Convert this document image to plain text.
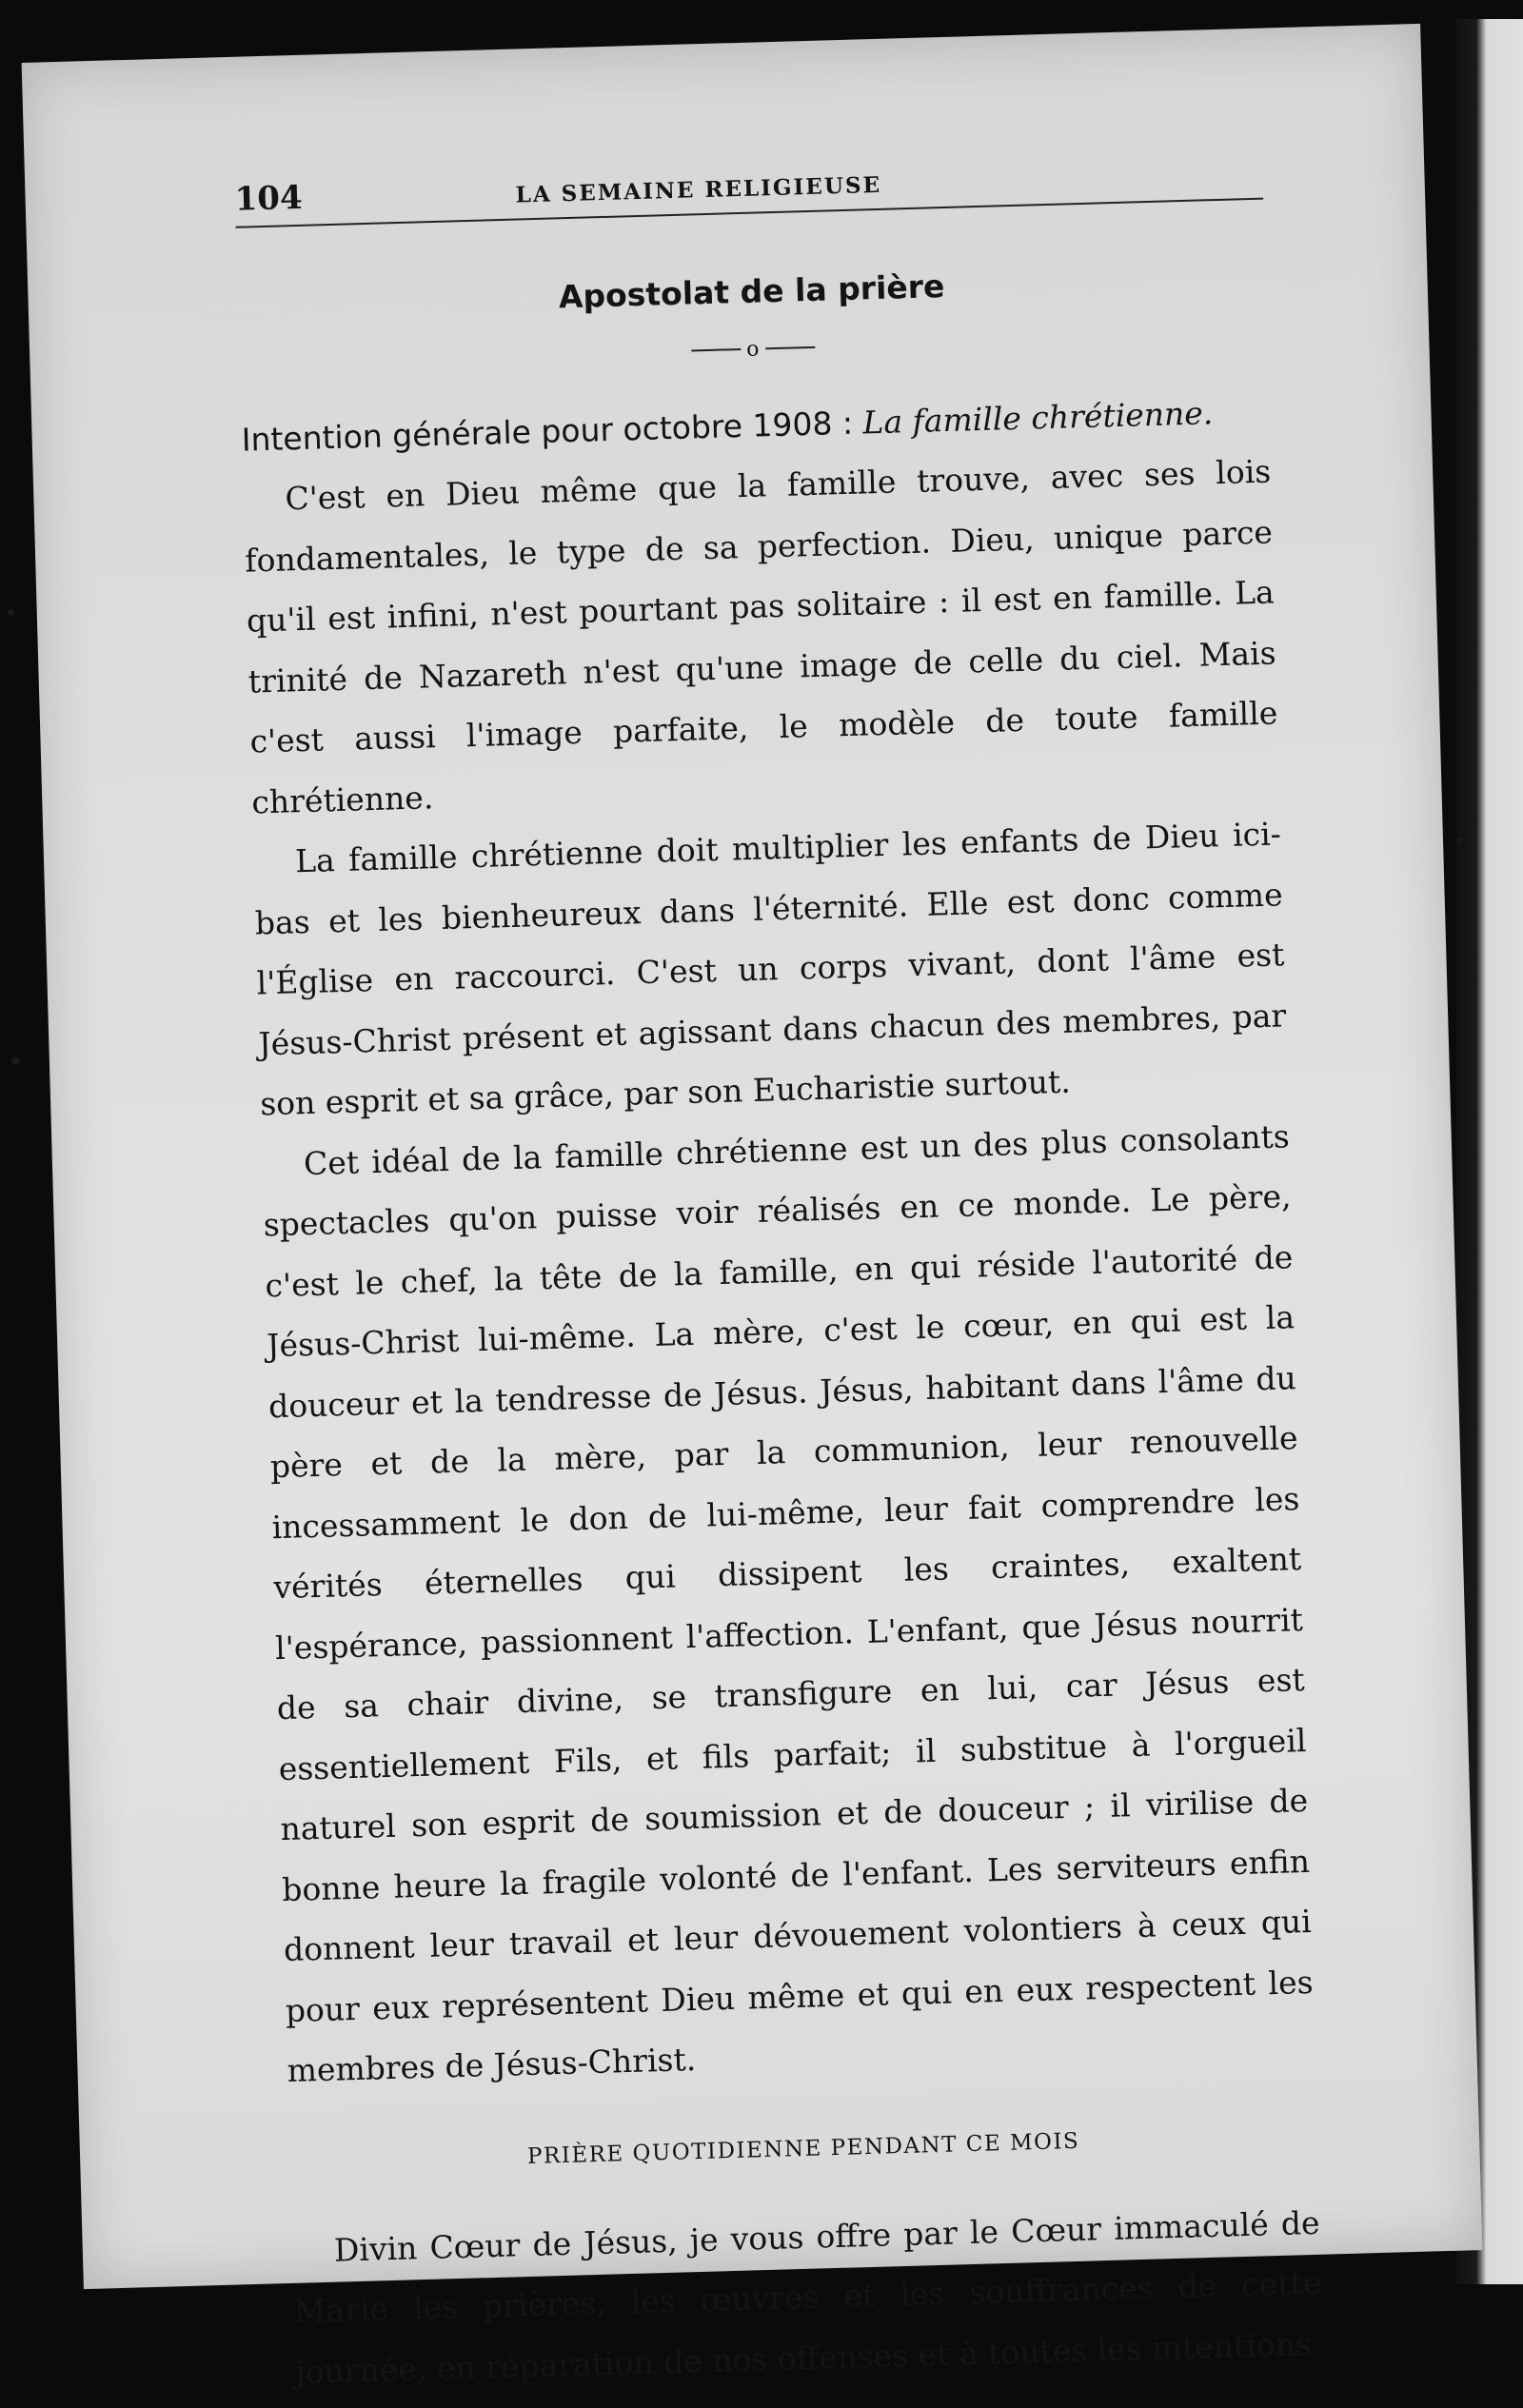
104	LA SEMAINE RELIGIEUSE
Apostolat de la prière
o

Intention générale pour octobre 1908 : La famille chrétienne.

C'est en Dieu même que la famille trouve, avec ses lois fondamentales, le type de sa perfection. Dieu, unique parce qu'il est infini, n'est pourtant pas solitaire : il est en famille. La trinité de Nazareth n'est qu'une image de celle du ciel. Mais c'est aussi l'image parfaite, le modèle de toute famille chrétienne.

La famille chrétienne doit multiplier les enfants de Dieu ici-bas et les bienheureux dans l'éternité. Elle est donc comme l'Église en raccourci. C'est un corps vivant, dont l'âme est Jésus-Christ présent et agissant dans chacun des membres, par son esprit et sa grâce, par son Eucharistie surtout.

Cet idéal de la famille chrétienne est un des plus consolants spectacles qu'on puisse voir réalisés en ce monde. Le père, c'est le chef, la tête de la famille, en qui réside l'autorité de Jésus-Christ lui-même. La mère, c'est le cœur, en qui est la douceur et la tendresse de Jésus. Jésus, habitant dans l'âme du père et de la mère, par la communion, leur renouvelle incessamment le don de lui-même, leur fait comprendre les vérités éternelles qui dissipent les craintes, exaltent l'espérance, passionnent l'affection. L'enfant, que Jésus nourrit de sa chair divine, se transfigure en lui, car Jésus est essentiellement Fils, et fils parfait; il substitue à l'orgueil naturel son esprit de soumission et de douceur ; il virilise de bonne heure la fragile volonté de l'enfant. Les serviteurs enfin donnent leur travail et leur dévouement volontiers à ceux qui pour eux représentent Dieu même et qui en eux respectent les membres de Jésus-Christ.

PRIÈRE QUOTIDIENNE PENDANT CE MOIS

Divin Cœur de Jésus, je vous offre par le Cœur immaculé de Marie les prières, les œuvres et les souffrances de cette journée, en réparation de nos offenses et à toutes les intentions
